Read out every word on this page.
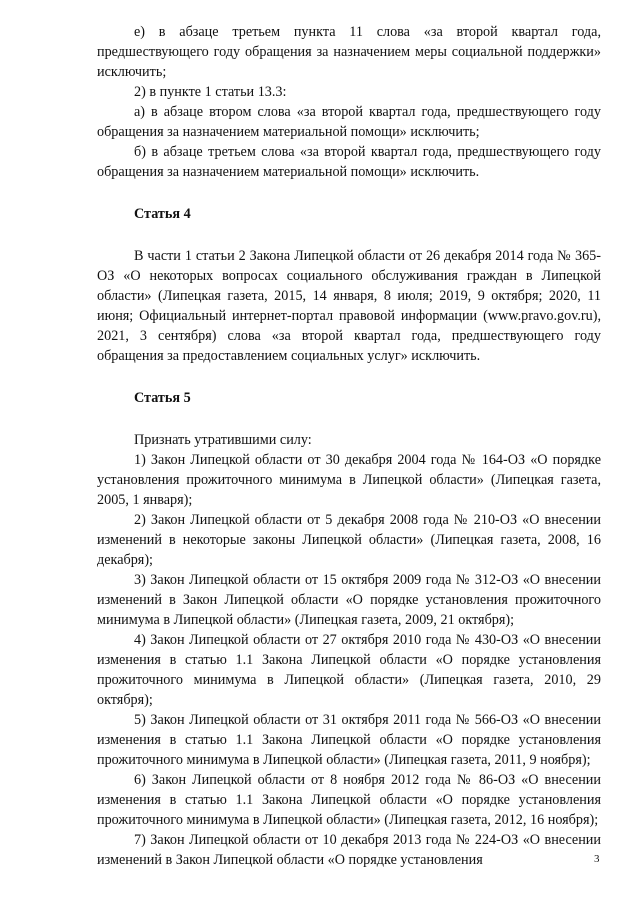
е) в абзаце третьем пункта 11 слова «за второй квартал года, предшествующего году обращения за назначением меры социальной поддержки» исключить;

2) в пункте 1 статьи 13.3:

а) в абзаце втором слова «за второй квартал года, предшествующего году обращения за назначением материальной помощи» исключить;

б) в абзаце третьем слова «за второй квартал года, предшествующего году обращения за назначением материальной помощи» исключить.

Статья 4

В части 1 статьи 2 Закона Липецкой области от 26 декабря 2014 года № 365-ОЗ «О некоторых вопросах социального обслуживания граждан в Липецкой области» (Липецкая газета, 2015, 14 января, 8 июля; 2019, 9 октября; 2020, 11 июня; Официальный интернет-портал правовой информации (www.pravo.gov.ru), 2021, 3 сентября) слова «за второй квартал года, предшествующего году обращения за предоставлением социальных услуг» исключить.

Статья 5

Признать утратившими силу:

1) Закон Липецкой области от 30 декабря 2004 года № 164-ОЗ «О порядке установления прожиточного минимума в Липецкой области» (Липецкая газета, 2005, 1 января);

2) Закон Липецкой области от 5 декабря 2008 года № 210-ОЗ «О внесении изменений в некоторые законы Липецкой области» (Липецкая газета, 2008, 16 декабря);

3) Закон Липецкой области от 15 октября 2009 года № 312-ОЗ «О внесении изменений в Закон Липецкой области «О порядке установления прожиточного минимума в Липецкой области» (Липецкая газета, 2009, 21 октября);

4) Закон Липецкой области от 27 октября 2010 года № 430-ОЗ «О внесении изменения в статью 1.1 Закона Липецкой области «О порядке установления прожиточного минимума в Липецкой области» (Липецкая газета, 2010, 29 октября);

5) Закон Липецкой области от 31 октября 2011 года № 566-ОЗ «О внесении изменения в статью 1.1 Закона Липецкой области «О порядке установления прожиточного минимума в Липецкой области» (Липецкая газета, 2011, 9 ноября);

6) Закон Липецкой области от 8 ноября 2012 года № 86-ОЗ «О внесении изменения в статью 1.1 Закона Липецкой области «О порядке установления прожиточного минимума в Липецкой области» (Липецкая газета, 2012, 16 ноября);

7) Закон Липецкой области от 10 декабря 2013 года № 224-ОЗ «О внесении изменений в Закон Липецкой области «О порядке установления	3
